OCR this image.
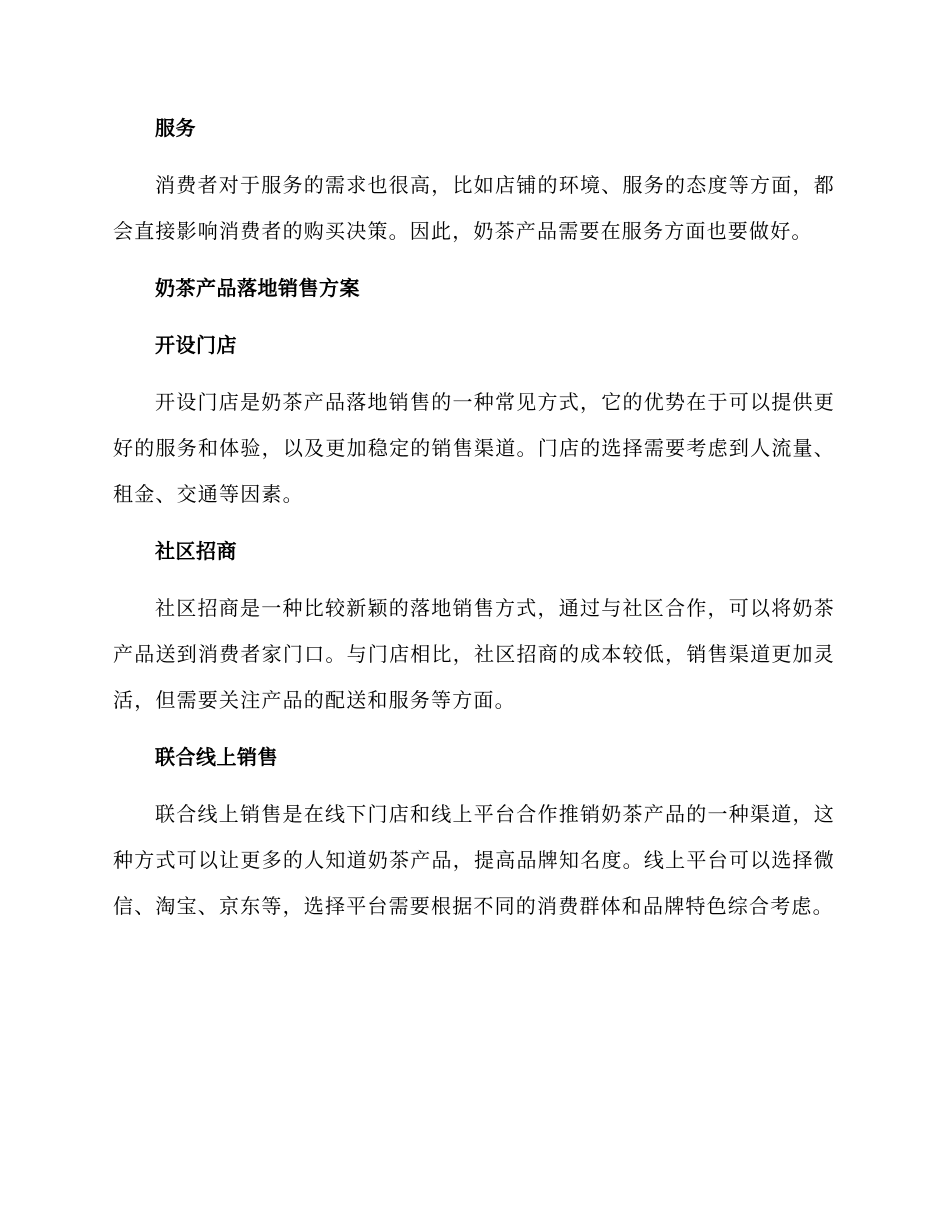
服务

消费者对于服务的需求也很高，比如店铺的环境、服务的态度等方面，都会直接影响消费者的购买决策。因此，奶茶产品需要在服务方面也要做好。

奶茶产品落地销售方案
开设门店

开设门店是奶茶产品落地销售的一种常见方式，它的优势在于可以提供更好的服务和体验，以及更加稳定的销售渠道。门店的选择需要考虑到人流量、租金、交通等因素。

社区招商

社区招商是一种比较新颖的落地销售方式，通过与社区合作，可以将奶茶产品送到消费者家门口。与门店相比，社区招商的成本较低，销售渠道更加灵活，但需要关注产品的配送和服务等方面。

联合线上销售

联合线上销售是在线下门店和线上平台合作推销奶茶产品的一种渠道，这种方式可以让更多的人知道奶茶产品，提高品牌知名度。线上平台可以选择微信、淘宝、京东等，选择平台需要根据不同的消费群体和品牌特色综合考虑。
